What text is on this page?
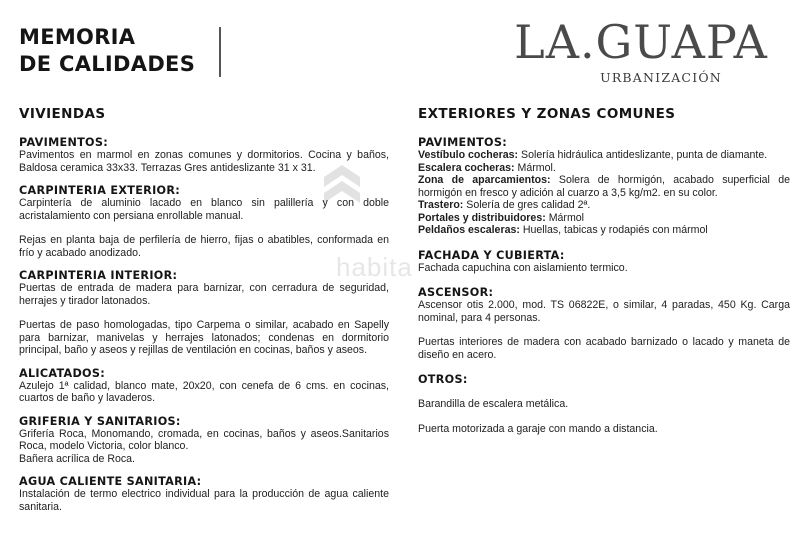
MEMORIA
DE CALIDADES	LA.GUAPA
URBANIZACIÓN
habita
VIVIENDAS
PAVIMENTOS:

Pavimentos en marmol en zonas comunes y dormitorios. Cocina y baños, Baldosa ceramica 33x33. Terrazas Gres antideslizante 31 x 31.

CARPINTERIA EXTERIOR:

Carpintería de aluminio lacado en blanco sin palillería y con doble acristalamiento con persiana enrollable manual.

Rejas en planta baja de perfilería de hierro, fijas o abatibles, conformada en frío y acabado anodizado.

CARPINTERIA INTERIOR:

Puertas de entrada de madera para barnizar, con cerradura de seguridad, herrajes y tirador latonados.

Puertas de paso homologadas, tipo Carpema o similar, acabado en Sapelly para barnizar, manivelas y herrajes latonados; condenas en dormitorio principal, baño y aseos y rejillas de ventilación en cocinas, baños y aseos.

ALICATADOS:

Azulejo 1ª calidad, blanco mate, 20x20, con cenefa de 6 cms. en cocinas, cuartos de baño y lavaderos.

GRIFERIA Y SANITARIOS:

Grifería Roca, Monomando, cromada, en cocinas, baños y aseos.Sanitarios Roca, modelo Victoria, color blanco.

Bañera acrílica de Roca.

AGUA CALIENTE SANITARIA:

Instalación de termo electrico individual para la producción de agua caliente sanitaria.

EXTERIORES Y ZONAS COMUNES
PAVIMENTOS:

Vestíbulo cocheras: Solería hidráulica antideslizante, punta de diamante.

Escalera cocheras: Mármol.

Zona de aparcamientos: Solera de hormigón, acabado superficial de hormigón en fresco y adición al cuarzo a 3,5 kg/m2. en su color.

Trastero: Solería de gres calidad 2ª.

Portales y distribuidores: Mármol

Peldaños escaleras: Huellas, tabicas y rodapiés con mármol

FACHADA Y CUBIERTA:

Fachada capuchina con aislamiento termico.

ASCENSOR:

Ascensor otis 2.000, mod. TS 06822E, o similar, 4 paradas, 450 Kg. Carga nominal, para 4 personas.

Puertas interiores de madera con acabado barnizado o lacado y maneta de diseño en acero.

OTROS:

Barandilla de escalera metálica.

Puerta motorizada a garaje con mando a distancia.
